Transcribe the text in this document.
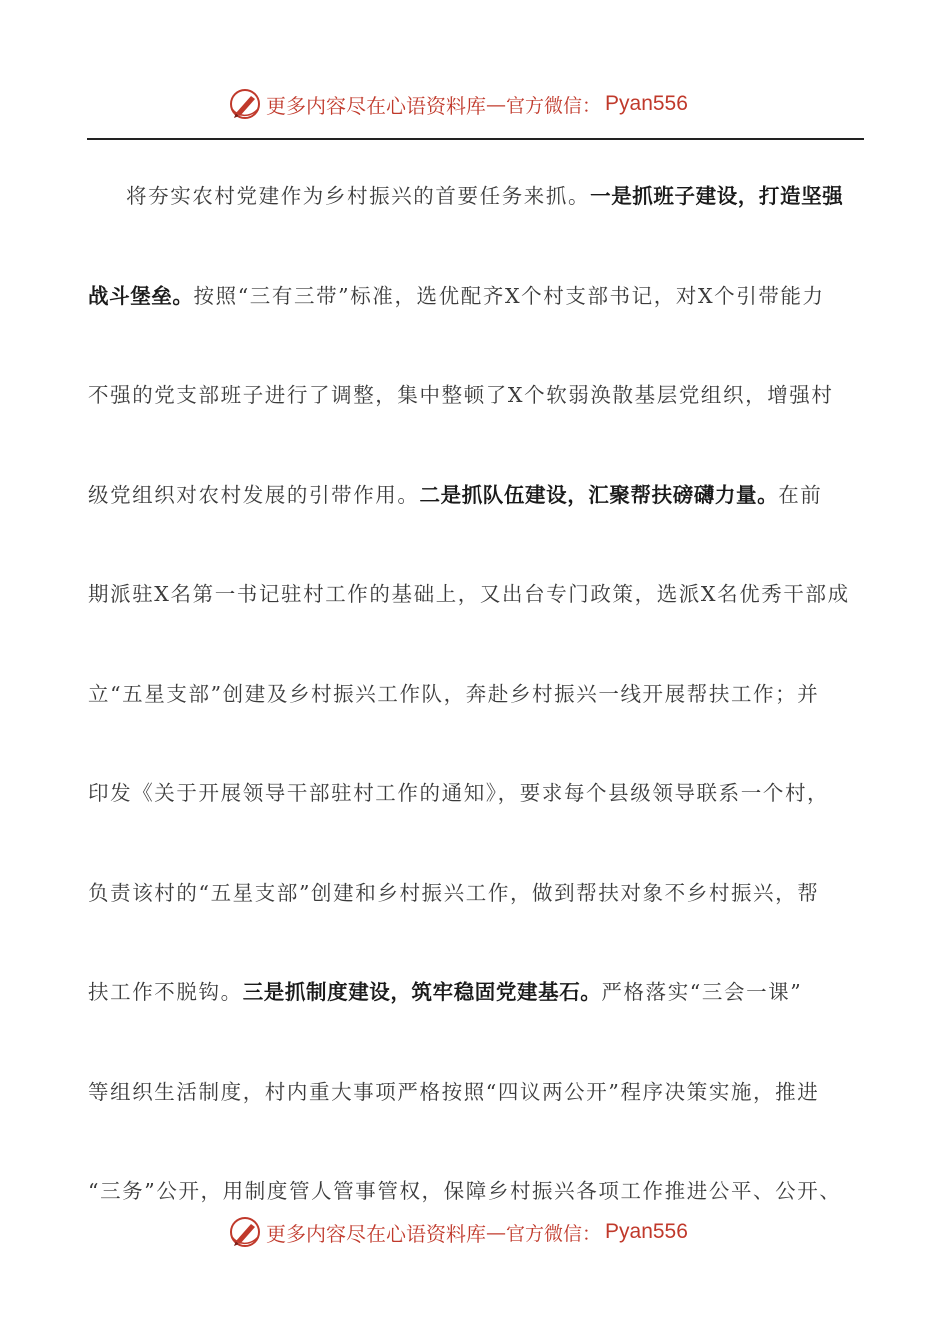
更多内容尽在心语资料库 — 官方微信： Pyan556
将夯实农村党建作为乡村振兴的首要任务来抓。一是抓班子建设，打造坚强
战斗堡垒。按照“三有三带”标准，选优配齐X个村支部书记，对X个引带能力
不强的党支部班子进行了调整，集中整顿了X个软弱涣散基层党组织，增强村
级党组织对农村发展的引带作用。二是抓队伍建设，汇聚帮扶磅礴力量。在前
期派驻X名第一书记驻村工作的基础上，又出台专门政策，选派X名优秀干部成
立“五星支部”创建及乡村振兴工作队，奔赴乡村振兴一线开展帮扶工作；并
印发《关于开展领导干部驻村工作的通知》，要求每个县级领导联系一个村，
负责该村的“五星支部”创建和乡村振兴工作，做到帮扶对象不乡村振兴，帮
扶工作不脱钩。三是抓制度建设，筑牢稳固党建基石。严格落实“三会一课”
等组织生活制度，村内重大事项严格按照“四议两公开”程序决策实施，推进
“三务”公开，用制度管人管事管权，保障乡村振兴各项工作推进公平、公开、
更多内容尽在心语资料库 — 官方微信： Pyan556
